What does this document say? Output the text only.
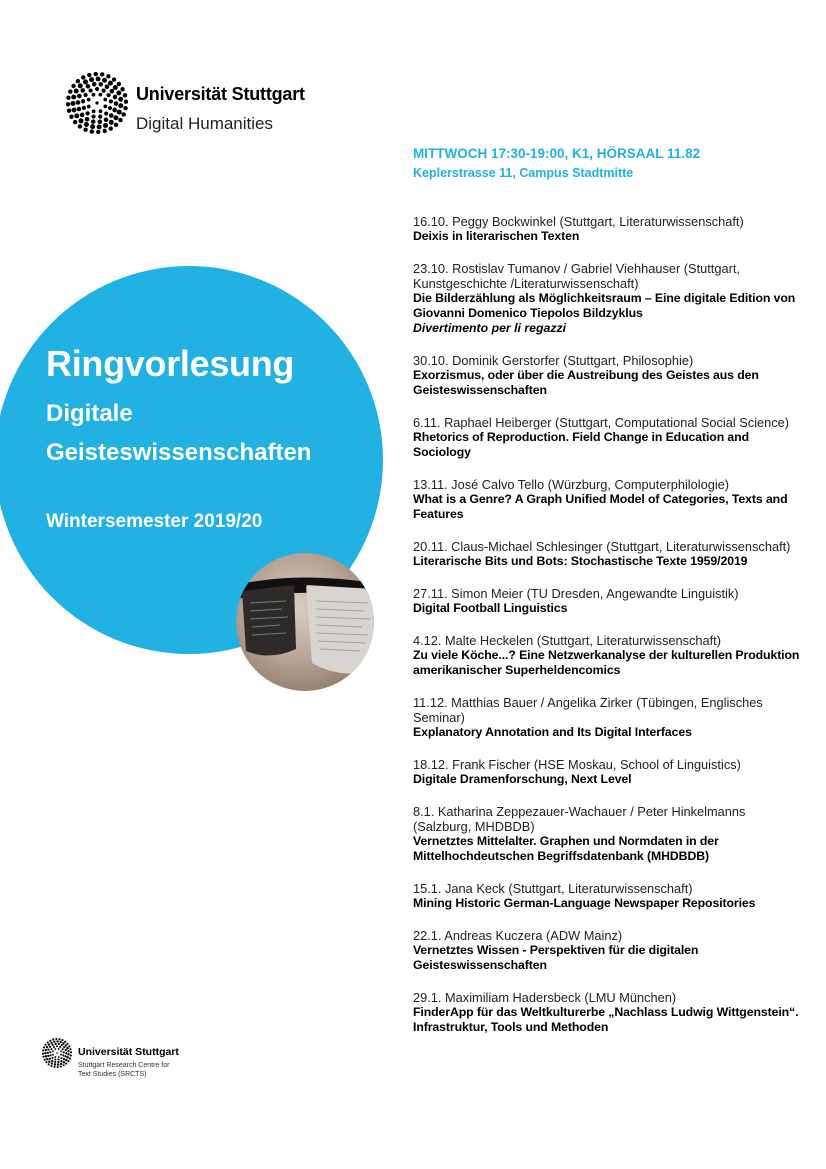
Universität Stuttgart
Digital Humanities
Ringvorlesung
Digitale
Geisteswissenschaften
Wintersemester 2019/20
MITTWOCH 17:30-19:00, K1, HÖRSAAL 11.82
Keplerstrasse 11, Campus Stadtmitte
16.10. Peggy Bockwinkel (Stuttgart, Literaturwissenschaft)
Deixis in literarischen Texten
23.10. Rostislav Tumanov / Gabriel Viehhauser (Stuttgart, Kunstgeschichte /Literaturwissenschaft)
Die Bilderzählung als Möglichkeitsraum – Eine digitale Edition von Giovanni Domenico Tiepolos Bildzyklus
Divertimento per li regazzi
30.10. Dominik Gerstorfer (Stuttgart, Philosophie)
Exorzismus, oder über die Austreibung des Geistes aus den Geisteswissenschaften
6.11. Raphael Heiberger (Stuttgart, Computational Social Science)
Rhetorics of Reproduction. Field Change in Education and Sociology
13.11. José Calvo Tello (Würzburg, Computerphilologie)
What is a Genre? A Graph Unified Model of Categories, Texts and Features
20.11. Claus-Michael Schlesinger (Stuttgart, Literaturwissenschaft)
Literarische Bits und Bots: Stochastische Texte 1959/2019
27.11. Simon Meier (TU Dresden, Angewandte Linguistik)
Digital Football Linguistics
4.12. Malte Heckelen (Stuttgart, Literaturwissenschaft)
Zu viele Köche...? Eine Netzwerkanalyse der kulturellen Produktion amerikanischer Superheldencomics
11.12. Matthias Bauer / Angelika Zirker (Tübingen, Englisches Seminar)
Explanatory Annotation and Its Digital Interfaces
18.12. Frank Fischer (HSE Moskau, School of Linguistics)
Digitale Dramenforschung, Next Level
8.1. Katharina Zeppezauer-Wachauer / Peter Hinkelmanns (Salzburg, MHDBDB)
Vernetztes Mittelalter. Graphen und Normdaten in der Mittelhochdeutschen Begriffsdatenbank (MHDBDB)
15.1. Jana Keck (Stuttgart, Literaturwissenschaft)
Mining Historic German-Language Newspaper Repositories
22.1. Andreas Kuczera (ADW Mainz)
Vernetztes Wissen - Perspektiven für die digitalen Geisteswissenschaften
29.1. Maximiliam Hadersbeck (LMU München)
FinderApp für das Weltkulturerbe „Nachlass Ludwig Wittgenstein“. Infrastruktur, Tools und Methoden
Universität Stuttgart
Stuttgart Research Centre for
Text Studies (SRCTS)
